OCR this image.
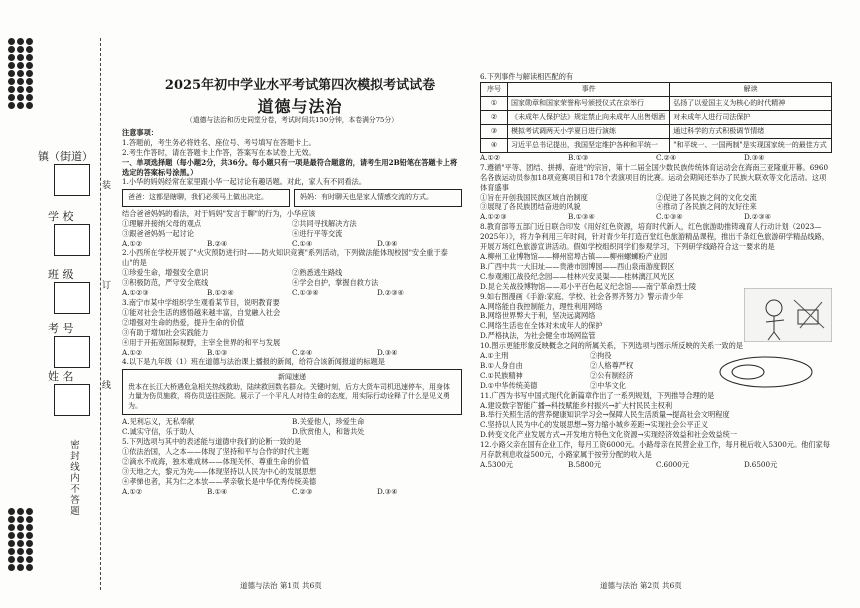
镇（街道）
学 校
班 级
考 号
姓 名
装
订
线
密封线内不答题
2025年初中学业水平考试第四次模拟考试试卷
道德与法治

（道德与法治和历史同堂分卷，考试时间共150分钟，本卷满分75分）

注意事项：

1.答题前，考生务必将姓名、座位号、考号填写在答题卡上。

2.考生作答时，请在答题卡上作答，答案写在本试卷上无效。

一、单项选择题（每小题2分，共36分。每小题只有一项是最符合题意的，请考生用2B铅笔在答题卡上将选定的答案标号涂黑。）

1.小华的妈妈经常在家里跟小华一起讨论有趣话题。对此，家人有不同看法。

爸爸：这都是瞎聊，我们必须马上做出决定。	妈妈：有时聊天也是家人情感交流的方式。

结合爸爸妈妈的看法，对于妈妈"发言于聊"的行为，小华应该

①理解并接纳父母的观点	②共同寻找解决方法
③跟爸爸妈妈一起讨论	④进行平等交流
A.①②	B.②④	C.①④	D.③④

2.小西所在学校开展了"火灾预防进行时——防火知识竞赛"系列活动，下列做法能体现校园"安全重于泰山"的是

①珍爱生命，增强安全意识	②熟悉逃生路线
③积极防范，严守安全底线	④学会自护，掌握自救方法
A.①②③	B.①②④	C.①③④	D.②③④

3.南宁市某中学组织学生观看某节目，说明教育要

①能对社会生活的感悟越来越丰富，自觉融入社会

②增强对生命的热爱，提升生命的价值

③有助于增加社会实践能力

④用于开拓宽国际视野，主宰全世界的和平与发展

A.①②	B.①③	C.②④	D.③④

4.以下是九年级（1）班在道德与法治课上播报的新闻，给符合该新闻报道的标题是

新闻速递
贵本在长江大桥遇危急相关热线救助，陆续救回数名群众。关键时刻，后方大货车司机迅速停车，用身体力量为伤员施救，将伤员送往医院。展示了一个平凡人对待生命的态度，用实际行动诠释了什么是见义勇为。
A.见利忘义，无私奉献	B.关爱他人，珍爱生命
C.诚实守信，乐于助人	D.欣赏他人，和谐共处

5.下列选项与其中的表述能与道德中我们的论断一致的是

①依法治国，人之本——体现了坚持和平与合作的时代主题

②滴水不成海，独木难成林——体现关怀、尊重生命的价值

③天地之大，黎元为先——体现坚持以人民为中心的发展思想

④孝悌也者，其为仁之本欤——孝亲敬长是中华优秀传统美德

A.①②	B.①④	C.②③	D.③④

6.下列事件与解读相匹配的有

序号	事件	解读
①	国家勋章和国家荣誉称号颁授仪式在京举行	弘扬了以爱国主义为核心的时代精神
②	《未成年人保护法》规定禁止向未成年人出售烟酒	对未成年人进行司法保护
③	模拟考试调两天小学夏日进行演练	通过科学的方式积极调节情绪
④	习近平总书记提出，我国坚定维护各种和平统一	"和平统一、一国两制"是实现国家统一的最佳方式
A.①②	B.①③	C.②④	D.③④

7.遵循"平等、团结、拼搏、奋进"的宗旨，第十二届全国少数民族传统体育运动会在海南三亚隆重开幕。6960名各族运动员参加18项竞赛项目和178个表演项目的比赛。运动会期间还举办了民族大联欢等文化活动。这项体育盛事

①旨在开创我国民族区域自治制度	②促进了各民族之间的文化交流
③展现了各民族团结奋进的风貌	④推动了各民族之间的友好往来
A.①②③	B.①③④	C.①③④	D.②③④

8.教育部等五部门近日联合印发《用好红色资源，培育时代新人，红色旅游助推铸魂育人行动计划（2023—2025年）》，将力争利用三年时间，针对青少年打造百堂红色旅游精品课程，推出千条红色旅游研学精品线路，开展万场红色旅游宣讲活动。假如学校组织同学们参观学习，下列研学线路符合这一要求的是

A.柳州工业博物馆——柳州窑埠古镇——柳州螺蛳粉产业园

B.广西中共一大旧址——贵港市园博园——西山泉南游度假区

C.参观湘江战役纪念园——桂林兴安灵渠——桂林漓江风光区

D.昆仑关战役博物馆——邓小平百色起义纪念馆——南宁革命烈士陵

9.如右图漫画《手游:家庭、学校、社会各界齐努力》警示青少年

A.网络能自我控制能力，理性利用网络

B.网络世界弊大于利，坚决远离网络

C.网络生活也在全体对未成年人的保护

D.严格执法，为社会健全市场网监管

10.图示更能形象反映概念之间的所属关系，下列选项与图示所反映的关系一致的是

A.①主刑	②拘役
B.①人身自由	②人格尊严权
C.①民族精神	②公有制经济
D.①中华传统美德	②中华文化

11.广西为书写中国式现代化新篇章作出了一系列规划，下列推导合理的是

A.建设数字智能广播→科技赋能乡村振兴→扩大村民民主权利

B.举行关照生活的营养健康知识学习会→保障人民生活质量→提高社会文明程度

C.坚持以人民为中心的发展思想→努力缩小城乡差距→实现社会公平正义

D.转变文化产业发展方式→开发地方特色文化资源→实现经济效益和社会效益统一

12.小路父亲在国有企业工作，每月工资6000元。小路母亲在民营企业工作，每月税后收入5300元。他们家每月存款利息收益500元，小路家属于按劳分配的收入是

A.5300元	B.5800元	C.6000元	D.6500元
道德与法治 第1页 共6页	道德与法治 第2页 共6页
